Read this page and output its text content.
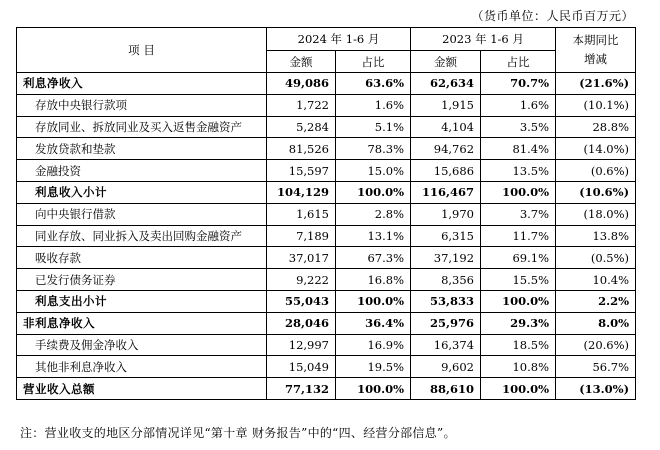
（货币单位：人民币百万元）
项 目	2024 年 1-6 月		2023 年 1-6 月		本期同比
增减

	金额	占比	金额	占比	
利息净收入	49,086	63.6%	62,634	70.7%	(21.6%)
存放中央银行款项	1,722	1.6%	1,915	1.6%	(10.1%)
存放同业、拆放同业及买入返售金融资产	5,284	5.1%	4,104	3.5%	28.8%
发放贷款和垫款	81,526	78.3%	94,762	81.4%	(14.0%)
金融投资	15,597	15.0%	15,686	13.5%	(0.6%)
利息收入小计	104,129	100.0%	116,467	100.0%	(10.6%)
向中央银行借款	1,615	2.8%	1,970	3.7%	(18.0%)
同业存放、同业拆入及卖出回购金融资产	7,189	13.1%	6,315	11.7%	13.8%
吸收存款	37,017	67.3%	37,192	69.1%	(0.5%)
已发行债务证券	9,222	16.8%	8,356	15.5%	10.4%
利息支出小计	55,043	100.0%	53,833	100.0%	2.2%
非利息净收入	28,046	36.4%	25,976	29.3%	8.0%
手续费及佣金净收入	12,997	16.9%	16,374	18.5%	(20.6%)
其他非利息净收入	15,049	19.5%	9,602	10.8%	56.7%
营业收入总额	77,132	100.0%	88,610	100.0%	(13.0%)
注：营业收支的地区分部情况详见“第十章 财务报告”中的“四、经营分部信息”。
